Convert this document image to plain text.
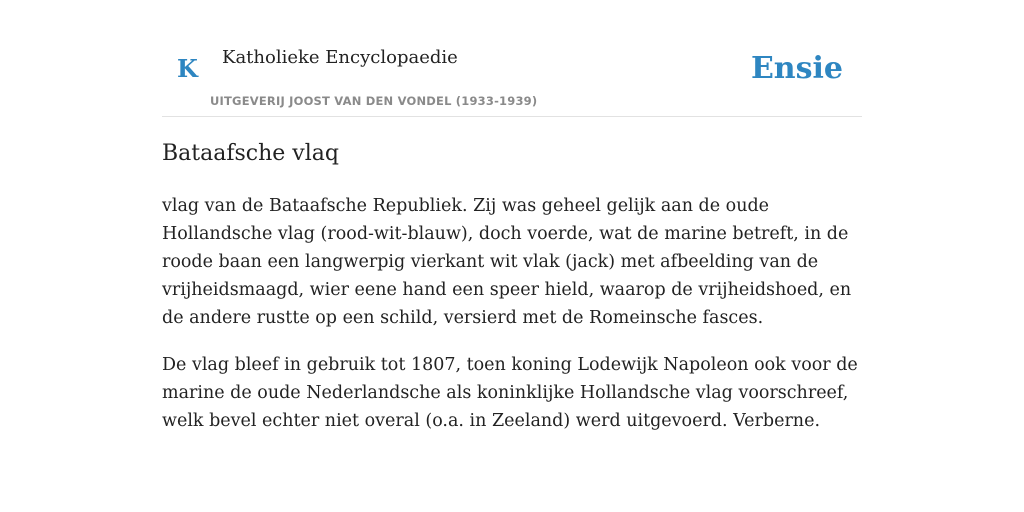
K Katholieke Encyclopaedie
UITGEVERIJ JOOST VAN DEN VONDEL (1933-1939)
Ensie
Bataafsche vlaq

vlag van de Bataafsche Republiek. Zij was geheel gelijk aan de oude Hollandsche vlag (rood-wit-blauw), doch voerde, wat de marine betreft, in de roode baan een langwerpig vierkant wit vlak (jack) met afbeelding van de vrijheidsmaagd, wier eene hand een speer hield, waarop de vrijheidshoed, en de andere rustte op een schild, versierd met de Romeinsche fasces.

De vlag bleef in gebruik tot 1807, toen koning Lodewijk Napoleon ook voor de marine de oude Nederlandsche als koninklijke Hollandsche vlag voorschreef, welk bevel echter niet overal (o.a. in Zeeland) werd uitgevoerd. Verberne.
